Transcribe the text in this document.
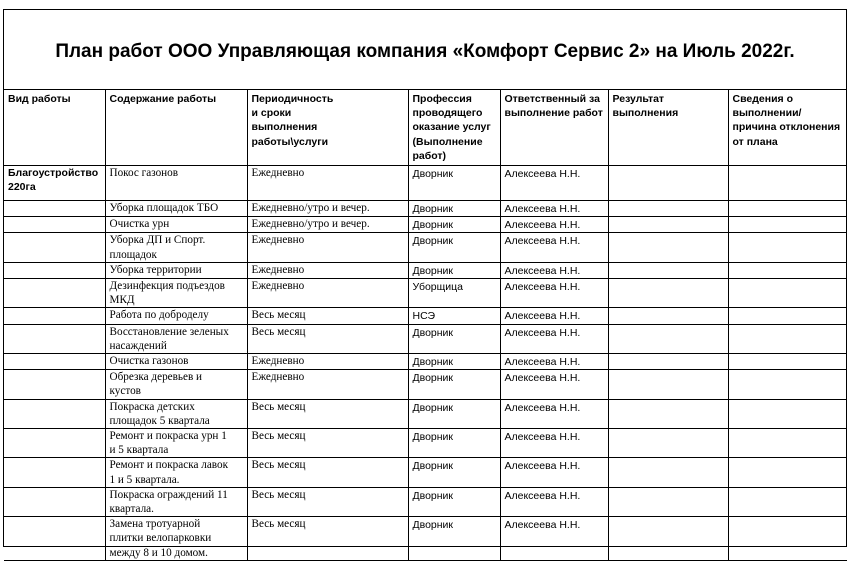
План работ ООО Управляющая компания «Комфорт Сервис 2» на Июль 2022г.
Вид работы	Содержание работы	Периодичность
и сроки
выполнения
работы\услуги	Профессия
проводящего
оказание услуг
(Выполнение
работ)	Ответственный за
выполнение работ	Результат
выполнения	Сведения о
выполнении/
причина отклонения
от плана
Благоустройство
220га	Покос газонов	Ежедневно	Дворник	Алексеева Н.Н.		
	Уборка площадок ТБО	Ежедневно/утро и вечер.	Дворник	Алексеева Н.Н.		
	Очистка урн	Ежедневно/утро и вечер.	Дворник	Алексеева Н.Н.		
	Уборка ДП и Спорт.
площадок	Ежедневно	Дворник	Алексеева Н.Н.		
	Уборка территории	Ежедневно	Дворник	Алексеева Н.Н.		
	Дезинфекция подъездов
МКД	Ежедневно	Уборщица	Алексеева Н.Н.		
	Работа по доброделу	Весь месяц	НСЭ	Алексеева Н.Н.		
	Восстановление зеленых
насаждений	Весь месяц	Дворник	Алексеева Н.Н.		
	Очистка газонов	Ежедневно	Дворник	Алексеева Н.Н.		
	Обрезка деревьев и
кустов	Ежедневно	Дворник	Алексеева Н.Н.		
	Покраска детских
площадок 5 квартала	Весь месяц	Дворник	Алексеева Н.Н.		
	Ремонт и покраска урн 1
и 5 квартала	Весь месяц	Дворник	Алексеева Н.Н.		
	Ремонт и покраска лавок
1 и 5 квартала.	Весь месяц	Дворник	Алексеева Н.Н.		
	Покраска ограждений 11
квартала.	Весь месяц	Дворник	Алексеева Н.Н.		
	Замена тротуарной
плитки велопарковки
между 8 и 10 домом.	Весь месяц	Дворник	Алексеева Н.Н.		
